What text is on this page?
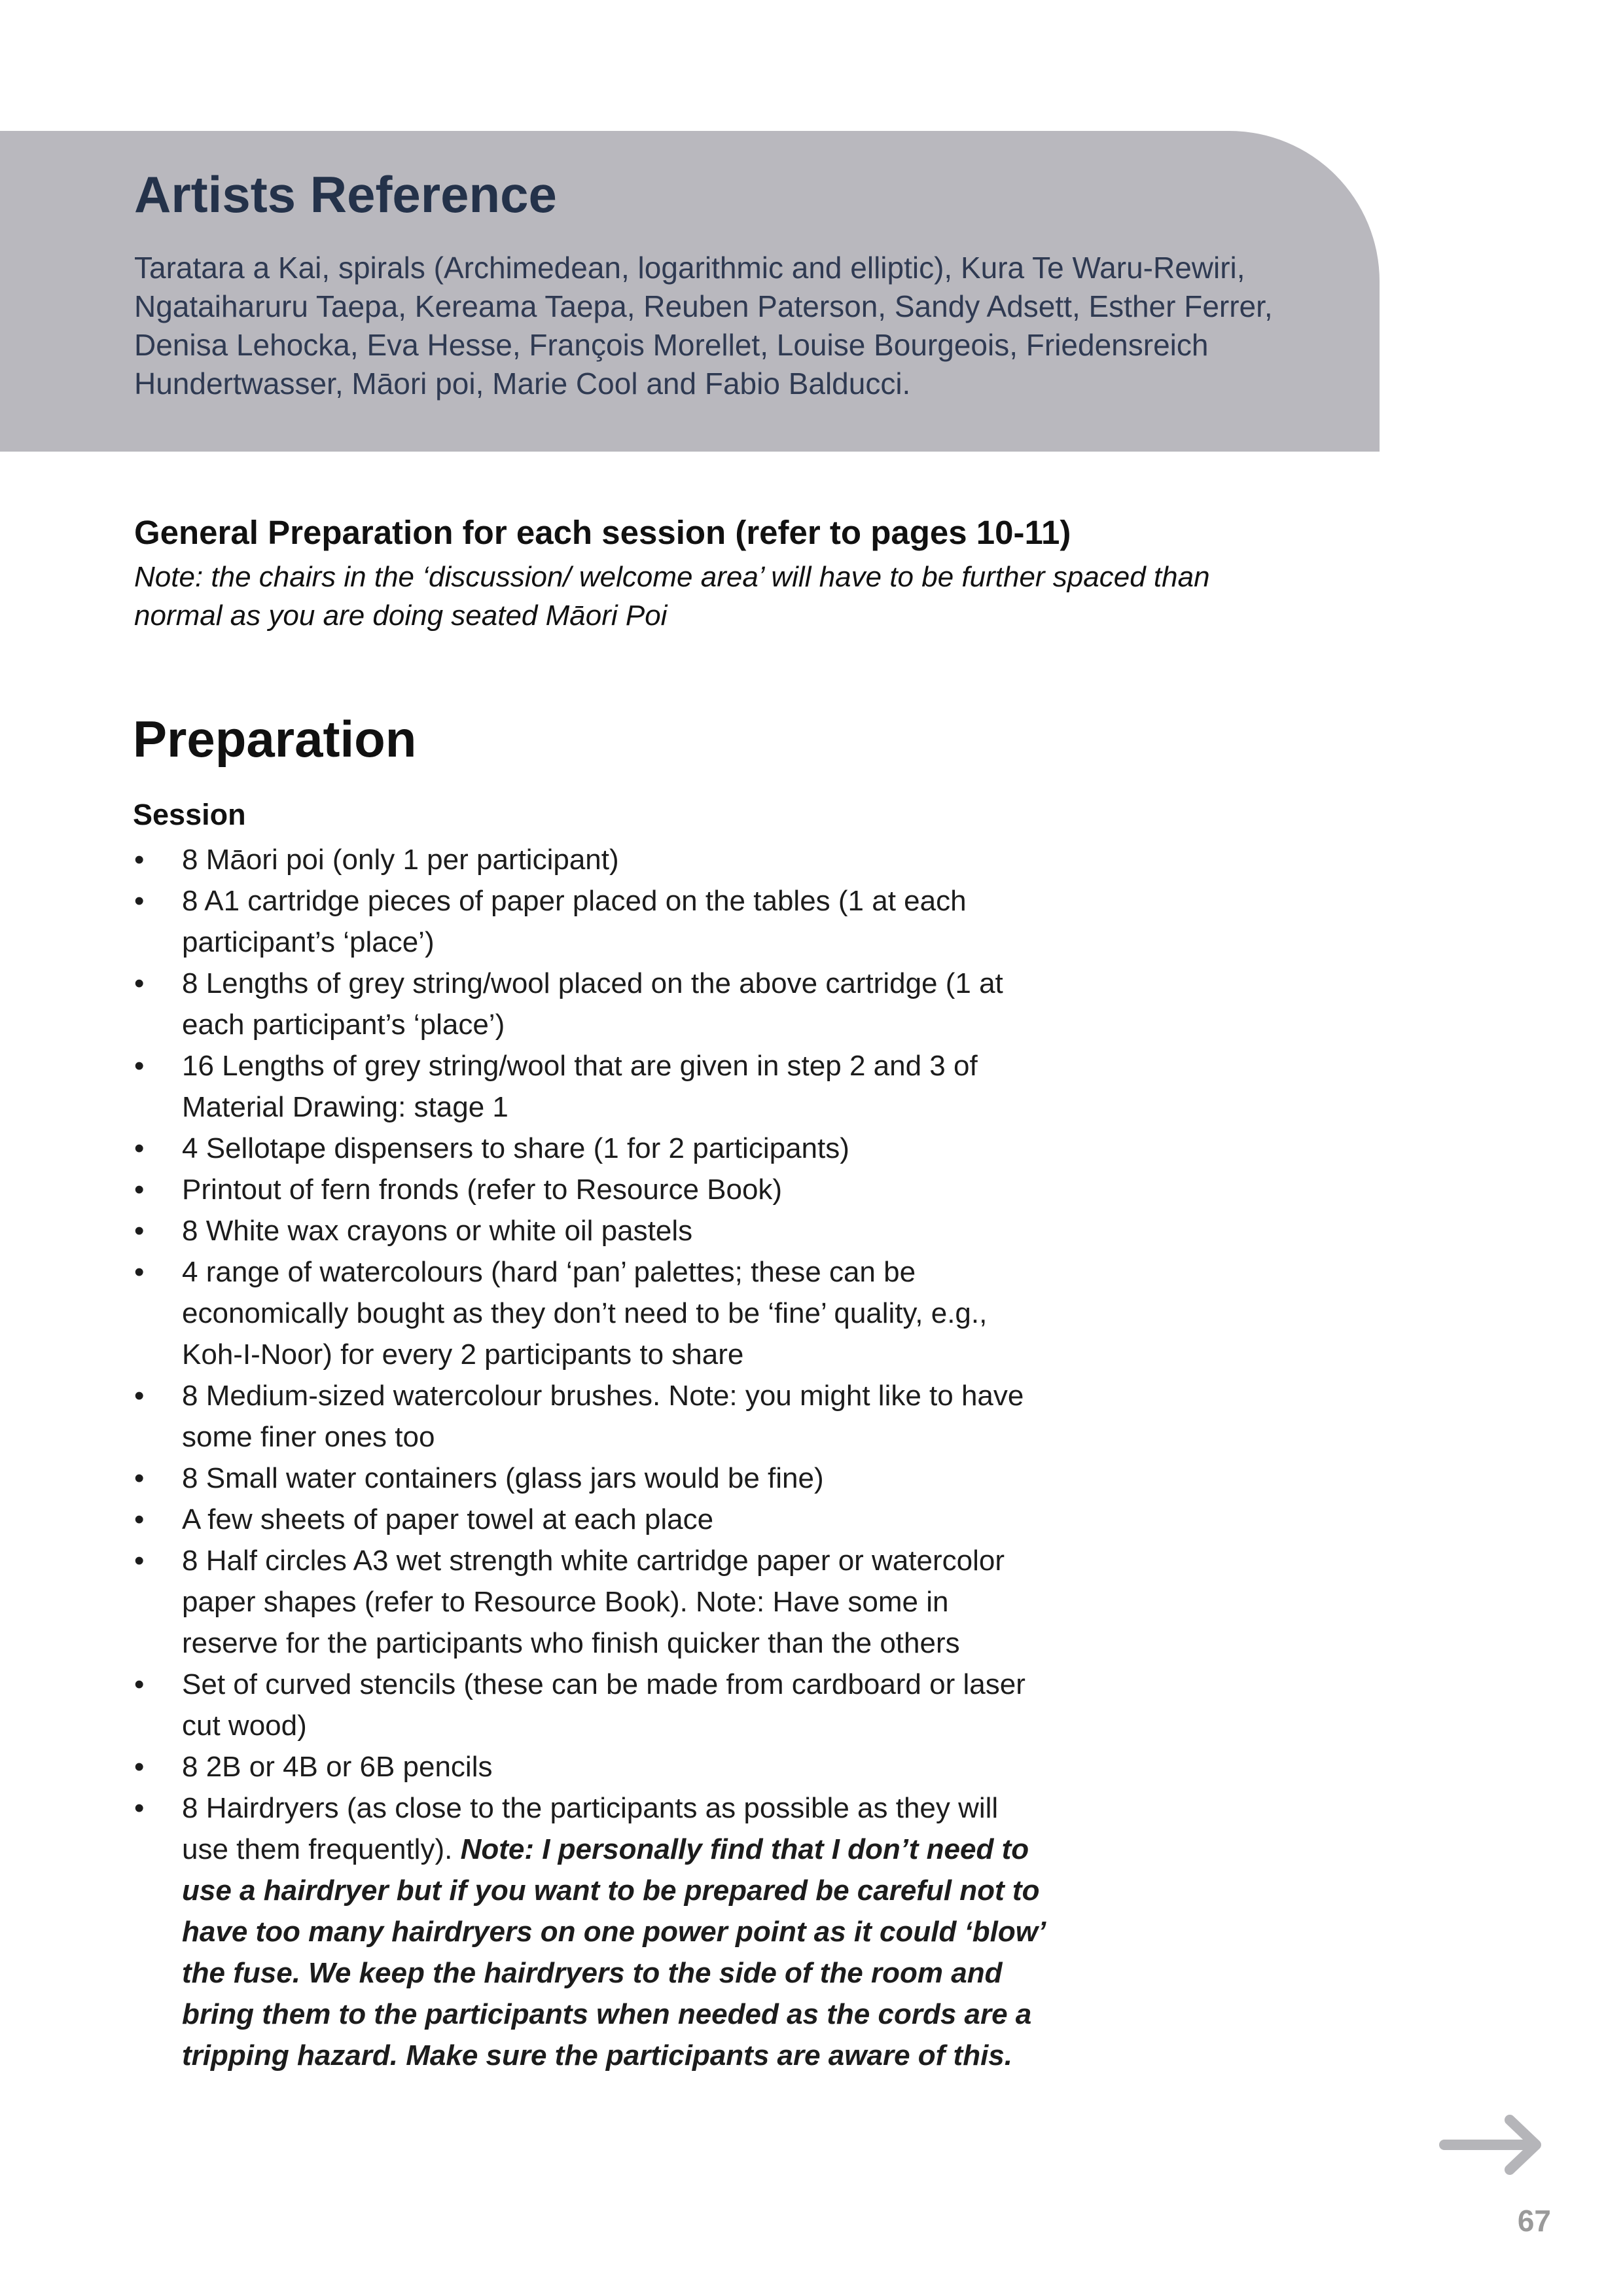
Artists Reference

Taratara a Kai, spirals (Archimedean, logarithmic and elliptic), Kura Te Waru-Rewiri, Ngataiharuru Taepa, Kereama Taepa, Reuben Paterson, Sandy Adsett, Esther Ferrer, Denisa Lehocka, Eva Hesse, François Morellet, Louise Bourgeois, Friedensreich Hundertwasser, Māori poi, Marie Cool and Fabio Balducci.

General Preparation for each session (refer to pages 10-11)

Note: the chairs in the ‘discussion/ welcome area’ will have to be further spaced than normal as you are doing seated Māori Poi

Preparation
Session
• 8 Māori poi (only 1 per participant)
• 8 A1 cartridge pieces of paper placed on the tables (1 at each participant’s ‘place’)
• 8 Lengths of grey string/wool placed on the above cartridge (1 at each participant’s ‘place’)
• 16 Lengths of grey string/wool that are given in step 2 and 3 of Material Drawing: stage 1
• 4 Sellotape dispensers to share (1 for 2 participants)
• Printout of fern fronds (refer to Resource Book)
• 8 White wax crayons or white oil pastels
• 4 range of watercolours (hard ‘pan’ palettes; these can be economically bought as they don’t need to be ‘fine’ quality, e.g., Koh-I-Noor) for every 2 participants to share
• 8 Medium-sized watercolour brushes. Note: you might like to have some finer ones too
• 8 Small water containers (glass jars would be fine)
• A few sheets of paper towel at each place
• 8 Half circles A3 wet strength white cartridge paper or watercolor paper shapes (refer to Resource Book). Note: Have some in reserve for the participants who finish quicker than the others
• Set of curved stencils (these can be made from cardboard or laser cut wood)
• 8 2B or 4B or 6B pencils
• 8 Hairdryers (as close to the participants as possible as they will use them frequently). Note: I personally find that I don’t need to use a hairdryer but if you want to be prepared be careful not to have too many hairdryers on one power point as it could ‘blow’ the fuse. We keep the hairdryers to the side of the room and bring them to the participants when needed as the cords are a tripping hazard. Make sure the participants are aware of this.

67
